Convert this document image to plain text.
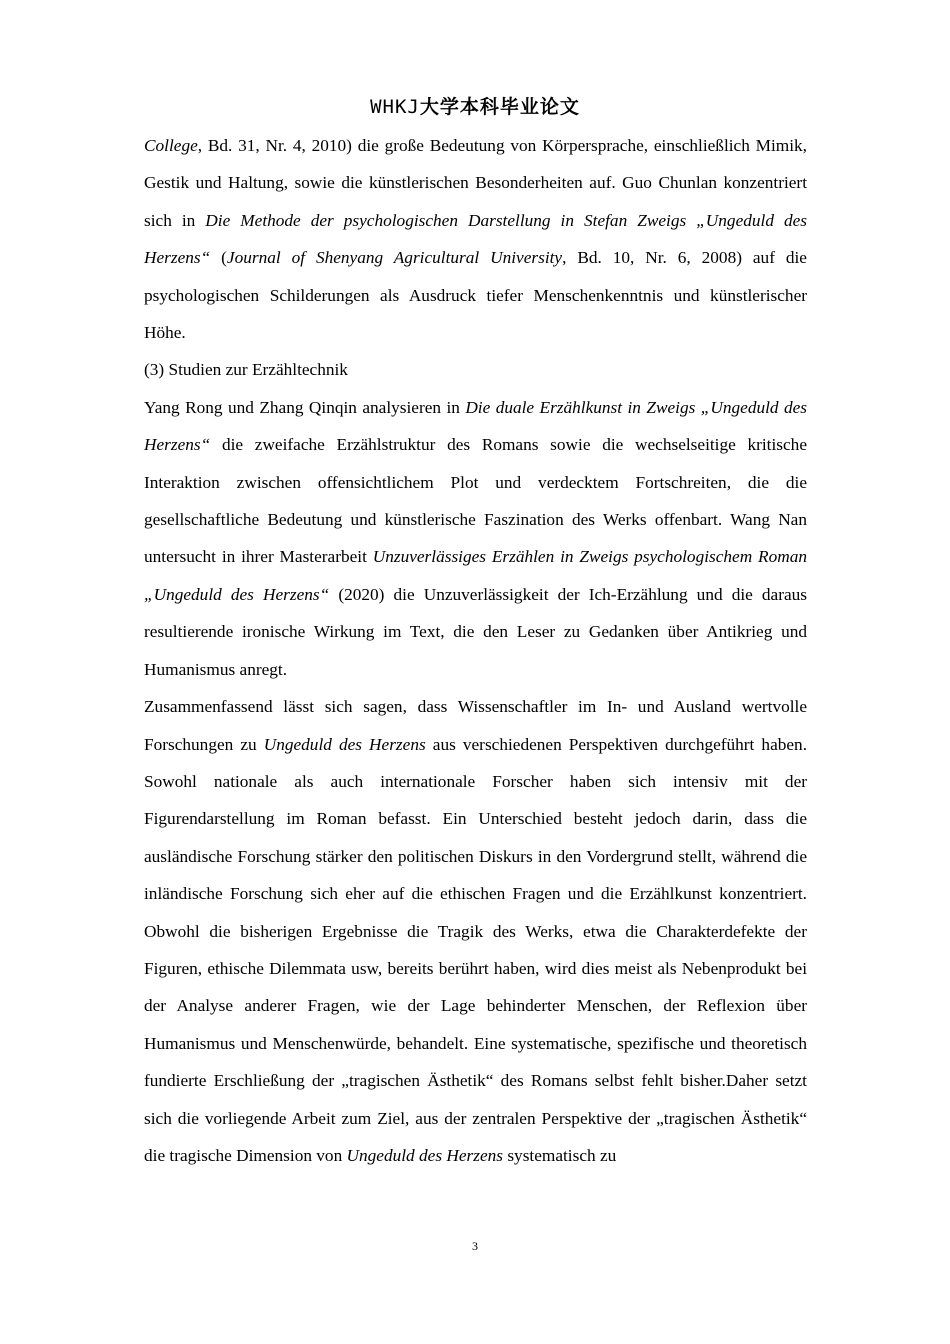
WHKJ大学本科毕业论文

College, Bd. 31, Nr. 4, 2010) die große Bedeutung von Körpersprache, einschließlich Mimik, Gestik und Haltung, sowie die künstlerischen Besonderheiten auf. Guo Chunlan konzentriert sich in Die Methode der psychologischen Darstellung in Stefan Zweigs „Ungeduld des Herzens“ (Journal of Shenyang Agricultural University, Bd. 10, Nr. 6, 2008) auf die psychologischen Schilderungen als Ausdruck tiefer Menschenkenntnis und künstlerischer Höhe.

(3) Studien zur Erzähltechnik

Yang Rong und Zhang Qinqin analysieren in Die duale Erzählkunst in Zweigs „Ungeduld des Herzens“ die zweifache Erzählstruktur des Romans sowie die wechselseitige kritische Interaktion zwischen offensichtlichem Plot und verdecktem Fortschreiten, die die gesellschaftliche Bedeutung und künstlerische Faszination des Werks offenbart. Wang Nan untersucht in ihrer Masterarbeit Unzuverlässiges Erzählen in Zweigs psychologischem Roman „Ungeduld des Herzens“ (2020) die Unzuverlässigkeit der Ich-Erzählung und die daraus resultierende ironische Wirkung im Text, die den Leser zu Gedanken über Antikrieg und Humanismus anregt.

Zusammenfassend lässt sich sagen, dass Wissenschaftler im In- und Ausland wertvolle Forschungen zu Ungeduld des Herzens aus verschiedenen Perspektiven durchgeführt haben. Sowohl nationale als auch internationale Forscher haben sich intensiv mit der Figurendarstellung im Roman befasst. Ein Unterschied besteht jedoch darin, dass die ausländische Forschung stärker den politischen Diskurs in den Vordergrund stellt, während die inländische Forschung sich eher auf die ethischen Fragen und die Erzählkunst konzentriert. Obwohl die bisherigen Ergebnisse die Tragik des Werks, etwa die Charakterdefekte der Figuren, ethische Dilemmata usw, bereits berührt haben, wird dies meist als Nebenprodukt bei der Analyse anderer Fragen, wie der Lage behinderter Menschen, der Reflexion über Humanismus und Menschenwürde, behandelt. Eine systematische, spezifische und theoretisch fundierte Erschließung der „tragischen Ästhetik“ des Romans selbst fehlt bisher.Daher setzt sich die vorliegende Arbeit zum Ziel, aus der zentralen Perspektive der „tragischen Ästhetik“ die tragische Dimension von Ungeduld des Herzens systematisch zu

3
